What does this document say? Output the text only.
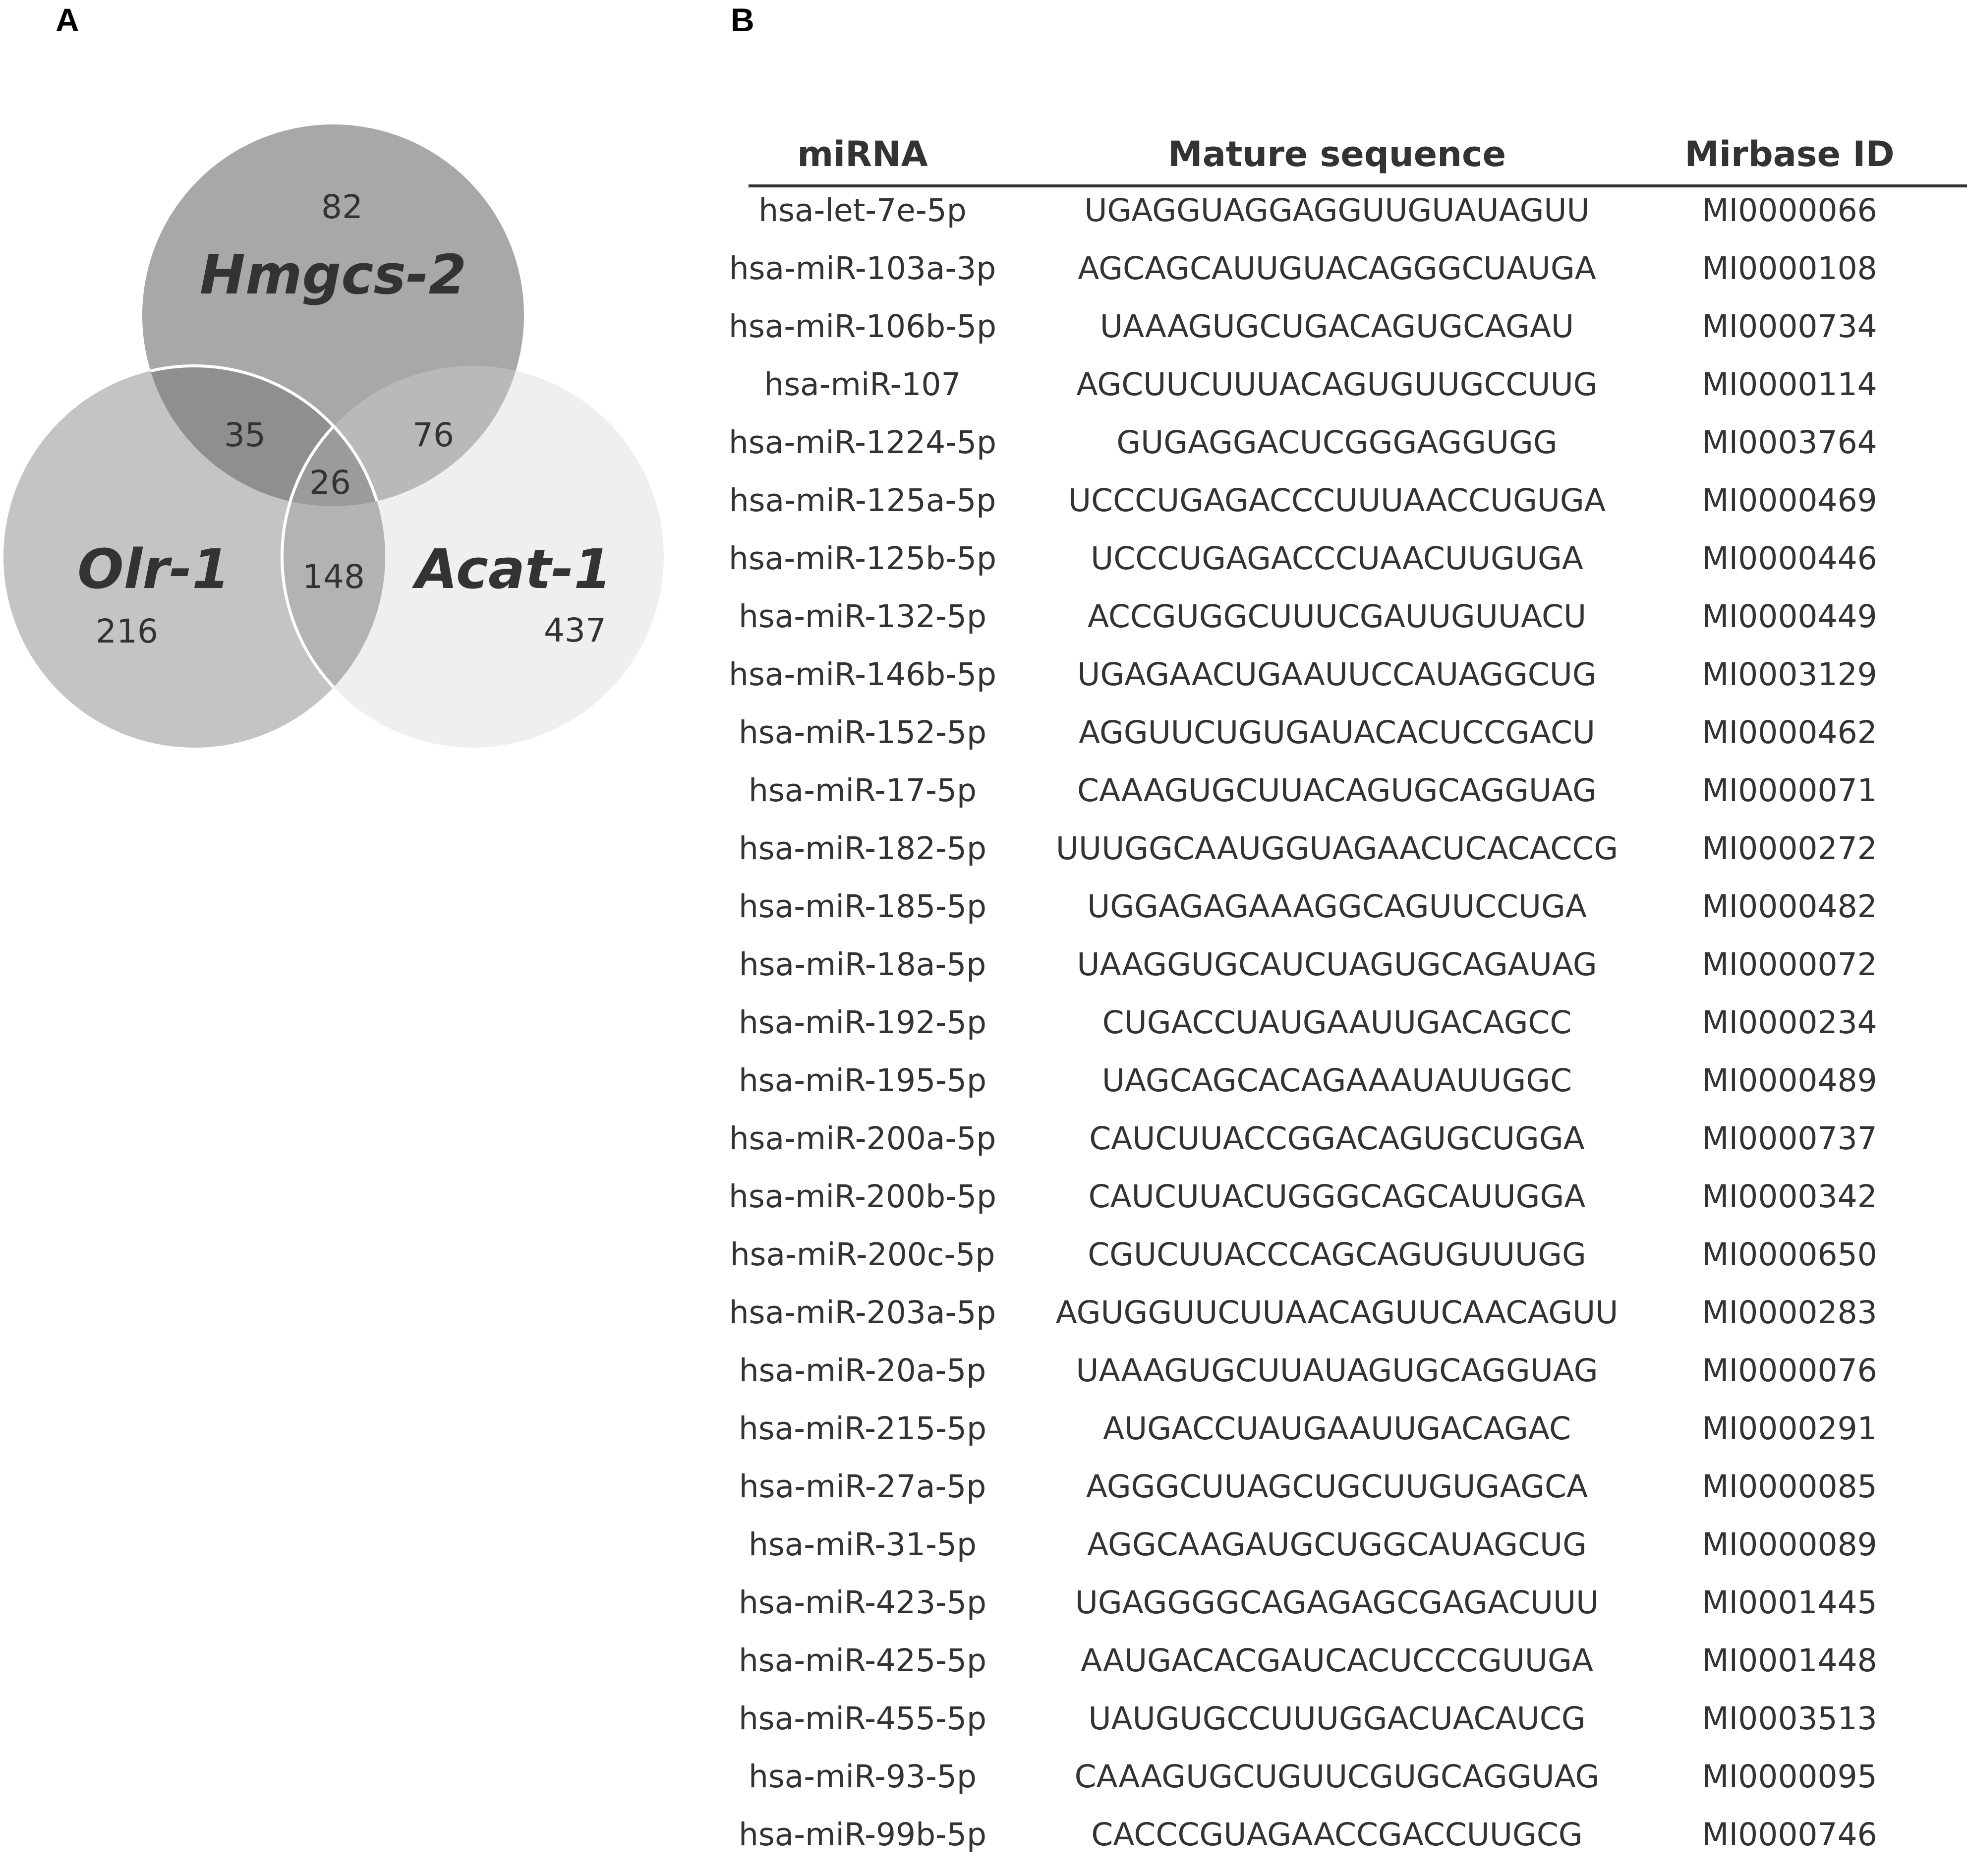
A	B
82
35	76
26
148
216	437
Hmgcs-2
Olr-1	Acat-1
miRNA	Mature sequence	Mirbase ID
hsa-let-7e-5p	UGAGGUAGGAGGUUGUAUAGUU	MI0000066
hsa-miR-103a-3p	AGCAGCAUUGUACAGGGCUAUGA	MI0000108
hsa-miR-106b-5p	UAAAGUGCUGACAGUGCAGAU	MI0000734
hsa-miR-107	AGCUUCUUUACAGUGUUGCCUUG	MI0000114
hsa-miR-1224-5p	GUGAGGACUCGGGAGGUGG	MI0003764
hsa-miR-125a-5p UCCCUGAGACCCUUUAACCUGUGA	MI0000469
hsa-miR-125b-5p	UCCCUGAGACCCUAACUUGUGA	MI0000446
hsa-miR-132-5p	ACCGUGGCUUUCGAUUGUUACU	MI0000449
hsa-miR-146b-5p	UGAGAACUGAAUUCCAUAGGCUG	MI0003129
hsa-miR-152-5p	AGGUUCUGUGAUACACUCCGACU	MI0000462
hsa-miR-17-5p	CAAAGUGCUUACAGUGCAGGUAG	MI0000071
hsa-miR-182-5p UUUGGCAAUGGUAGAACUCACACCG	MI0000272
hsa-miR-185-5p	UGGAGAGAAAGGCAGUUCCUGA	MI0000482
hsa-miR-18a-5p	UAAGGUGCAUCUAGUGCAGAUAG	MI0000072
hsa-miR-192-5p	CUGACCUAUGAAUUGACAGCC	MI0000234
hsa-miR-195-5p	UAGCAGCACAGAAAUAUUGGC	MI0000489
hsa-miR-200a-5p	CAUCUUACCGGACAGUGCUGGA	MI0000737
hsa-miR-200b-5p	CAUCUUACUGGGCAGCAUUGGA	MI0000342
hsa-miR-200c-5p	CGUCUUACCCAGCAGUGUUUGG	MI0000650
hsa-miR-203a-5p AGUGGUUCUUAACAGUUCAACAGUU	MI0000283
hsa-miR-20a-5p	UAAAGUGCUUAUAGUGCAGGUAG	MI0000076
hsa-miR-215-5p	AUGACCUAUGAAUUGACAGAC	MI0000291
hsa-miR-27a-5p	AGGGCUUAGCUGCUUGUGAGCA	MI0000085
hsa-miR-31-5p	AGGCAAGAUGCUGGCAUAGCUG	MI0000089
hsa-miR-423-5p	UGAGGGGCAGAGAGCGAGACUUU	MI0001445
hsa-miR-425-5p	AAUGACACGAUCACUCCCGUUGA	MI0001448
hsa-miR-455-5p	UAUGUGCCUUUGGACUACAUCG	MI0003513
hsa-miR-93-5p	CAAAGUGCUGUUCGUGCAGGUAG	MI0000095
hsa-miR-99b-5p	CACCCGUAGAACCGACCUUGCG	MI0000746
